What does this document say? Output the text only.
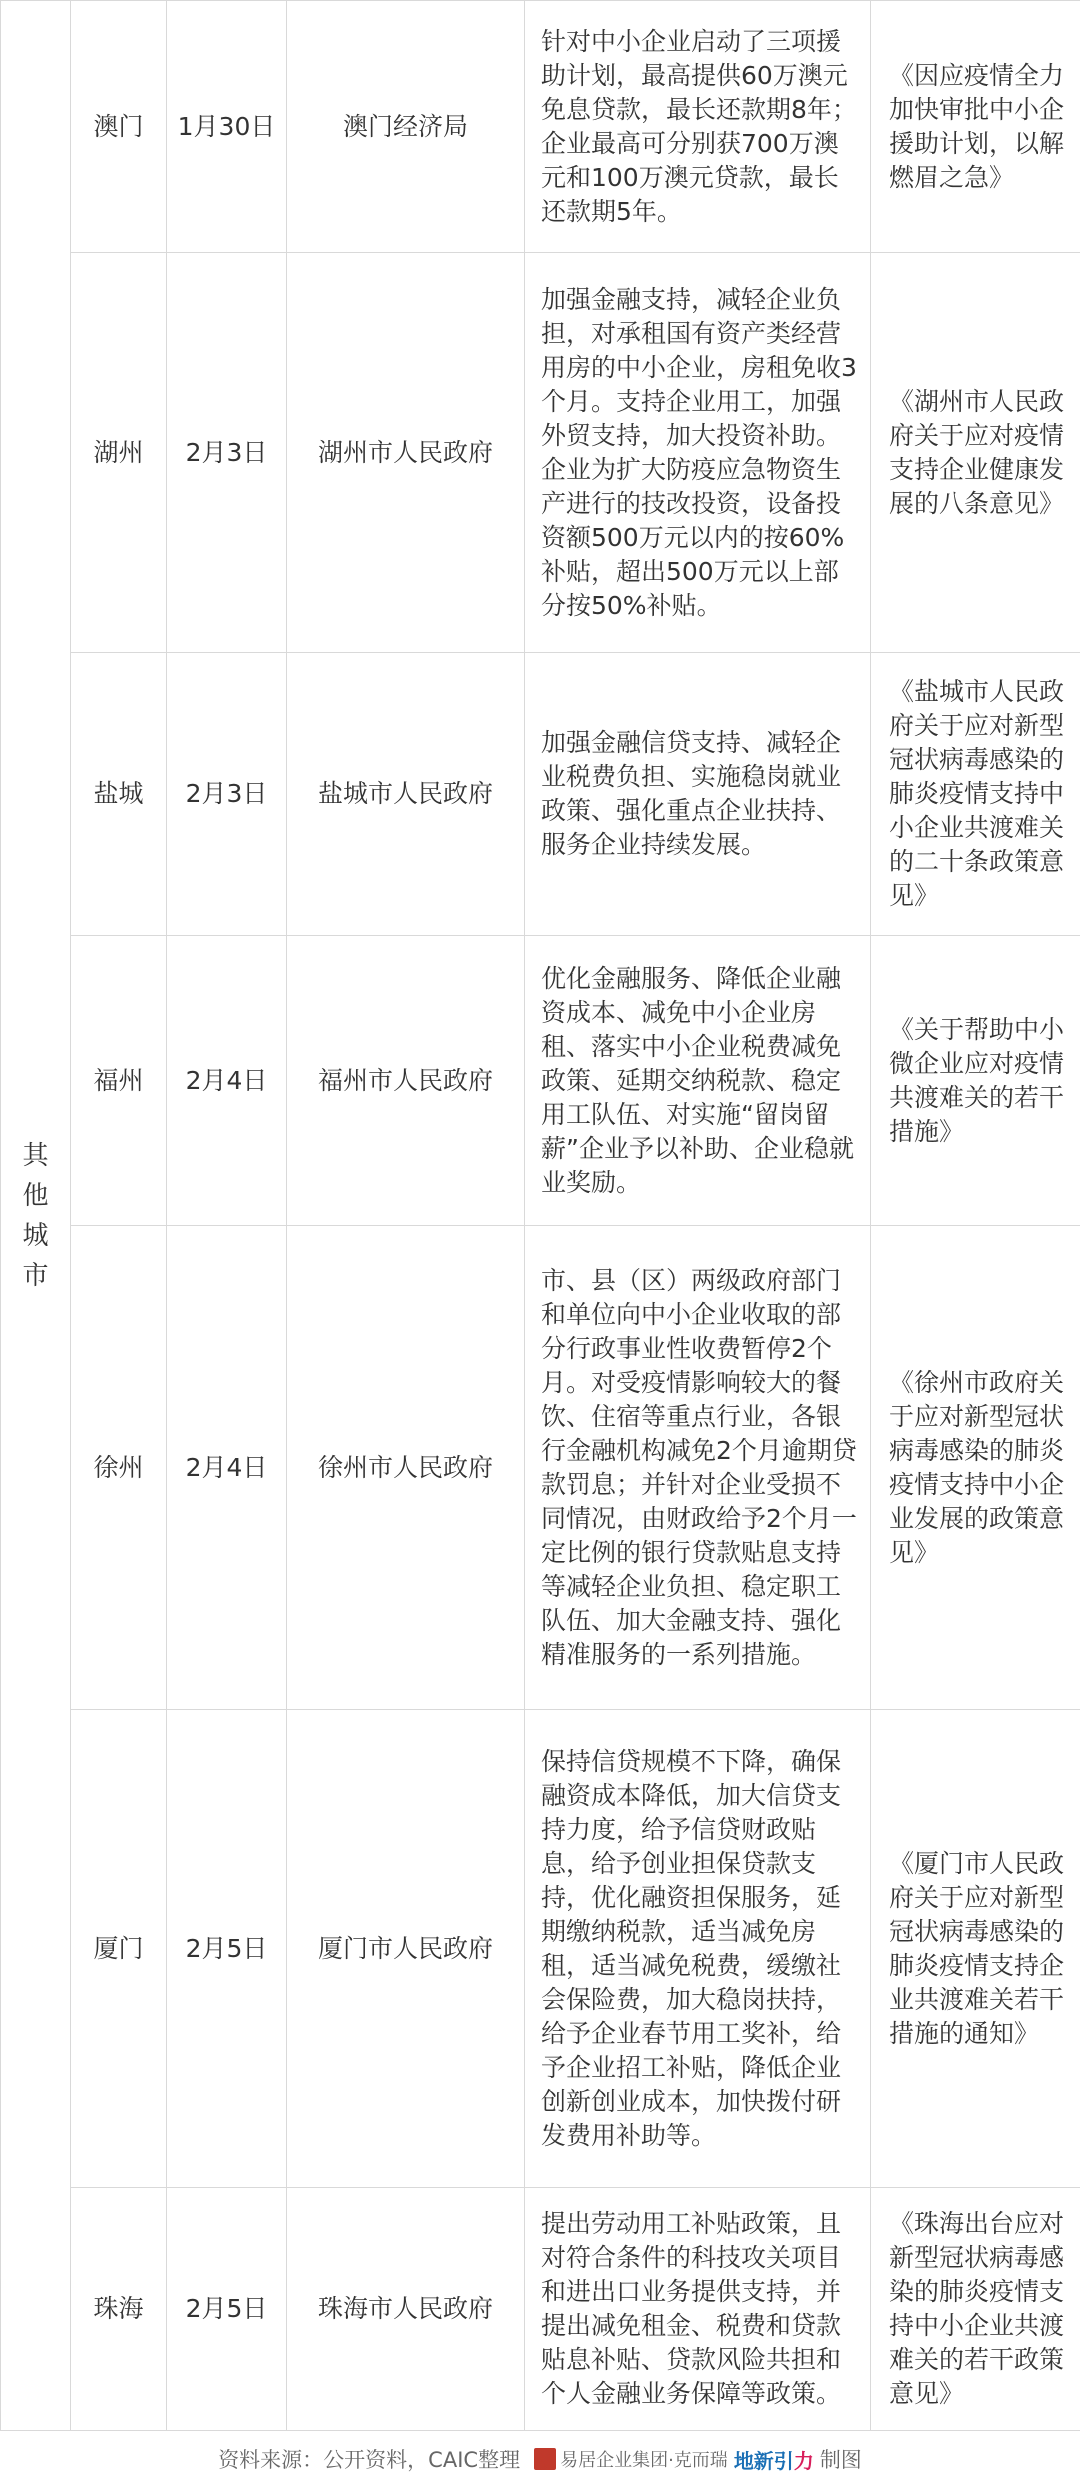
其他城市	澳门	1月30日	澳门经济局	针对中小企业启动了三项援助计划，最高提供60万澳元免息贷款，最长还款期8年；企业最高可分别获700万澳元和100万澳元贷款，最长还款期5年。	《因应疫情全力加快审批中小企援助计划，以解燃眉之急》
	湖州	2月3日	湖州市人民政府	加强金融支持，减轻企业负担，对承租国有资产类经营用房的中小企业，房租免收3个月。支持企业用工，加强外贸支持，加大投资补助。企业为扩大防疫应急物资生产进行的技改投资，设备投资额500万元以内的按60%补贴，超出500万元以上部分按50%补贴。	《湖州市人民政府关于应对疫情支持企业健康发展的八条意见》
	盐城	2月3日	盐城市人民政府	加强金融信贷支持、减轻企业税费负担、实施稳岗就业政策、强化重点企业扶持、服务企业持续发展。	《盐城市人民政府关于应对新型冠状病毒感染的肺炎疫情支持中小企业共渡难关的二十条政策意见》
	福州	2月4日	福州市人民政府	优化金融服务、降低企业融资成本、减免中小企业房租、落实中小企业税费减免政策、延期交纳税款、稳定用工队伍、对实施“留岗留薪”企业予以补助、企业稳就业奖励。	《关于帮助中小微企业应对疫情共渡难关的若干措施》
	徐州	2月4日	徐州市人民政府	市、县（区）两级政府部门和单位向中小企业收取的部分行政事业性收费暂停2个月。对受疫情影响较大的餐饮、住宿等重点行业，各银行金融机构减免2个月逾期贷款罚息；并针对企业受损不同情况，由财政给予2个月一定比例的银行贷款贴息支持等减轻企业负担、稳定职工队伍、加大金融支持、强化精准服务的一系列措施。	《徐州市政府关于应对新型冠状病毒感染的肺炎疫情支持中小企业发展的政策意见》
	厦门	2月5日	厦门市人民政府	保持信贷规模不下降，确保融资成本降低，加大信贷支持力度，给予信贷财政贴息，给予创业担保贷款支持，优化融资担保服务，延期缴纳税款，适当减免房租，适当减免税费，缓缴社会保险费，加大稳岗扶持，给予企业春节用工奖补，给予企业招工补贴，降低企业创新创业成本，加快拨付研发费用补助等。	《厦门市人民政府关于应对新型冠状病毒感染的肺炎疫情支持企业共渡难关若干措施的通知》
	珠海	2月5日	珠海市人民政府	提出劳动用工补贴政策，且对符合条件的科技攻关项目和进出口业务提供支持，并提出减免租金、税费和贷款贴息补贴、贷款风险共担和个人金融业务保障等政策。	《珠海出台应对新型冠状病毒感染的肺炎疫情支持中小企业共渡难关的若干政策意见》
资料来源：公开资料，CAIC整理 易居企业集团·克而瑞 地新引力 制图
